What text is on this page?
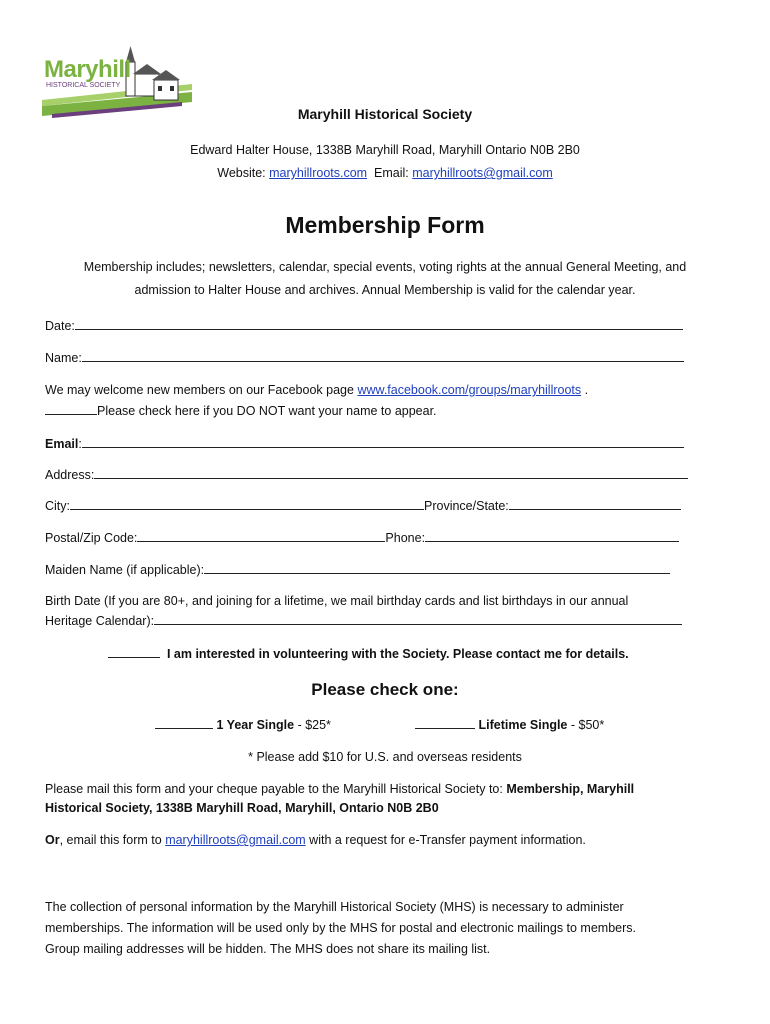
Maryhill
HISTORICAL SOCIETY
Maryhill Historical Society
Edward Halter House, 1338B Maryhill Road, Maryhill Ontario N0B 2B0
Website: maryhillroots.com Email: maryhillroots@gmail.com
Membership Form
Membership includes; newsletters, calendar, special events, voting rights at the annual General Meeting, and
admission to Halter House and archives. Annual Membership is valid for the calendar year.
Date:
Name:
We may welcome new members on our Facebook page www.facebook.com/groups/maryhillroots .
Please check here if you DO NOT want your name to appear.
Email:
Address:
City:	Province/State:
Postal/Zip Code:	Phone:
Maiden Name (if applicable):
Birth Date (If you are 80+, and joining for a lifetime, we mail birthday cards and list birthdays in our annual
Heritage Calendar):
I am interested in volunteering with the Society. Please contact me for details.
Please check one:
1 Year Single - $25*	Lifetime Single - $50*
* Please add $10 for U.S. and overseas residents
Please mail this form and your cheque payable to the Maryhill Historical Society to: Membership, Maryhill
Historical Society, 1338B Maryhill Road, Maryhill, Ontario N0B 2B0
Or, email this form to maryhillroots@gmail.com with a request for e-Transfer payment information.
The collection of personal information by the Maryhill Historical Society (MHS) is necessary to administer
memberships. The information will be used only by the MHS for postal and electronic mailings to members.
Group mailing addresses will be hidden. The MHS does not share its mailing list.
